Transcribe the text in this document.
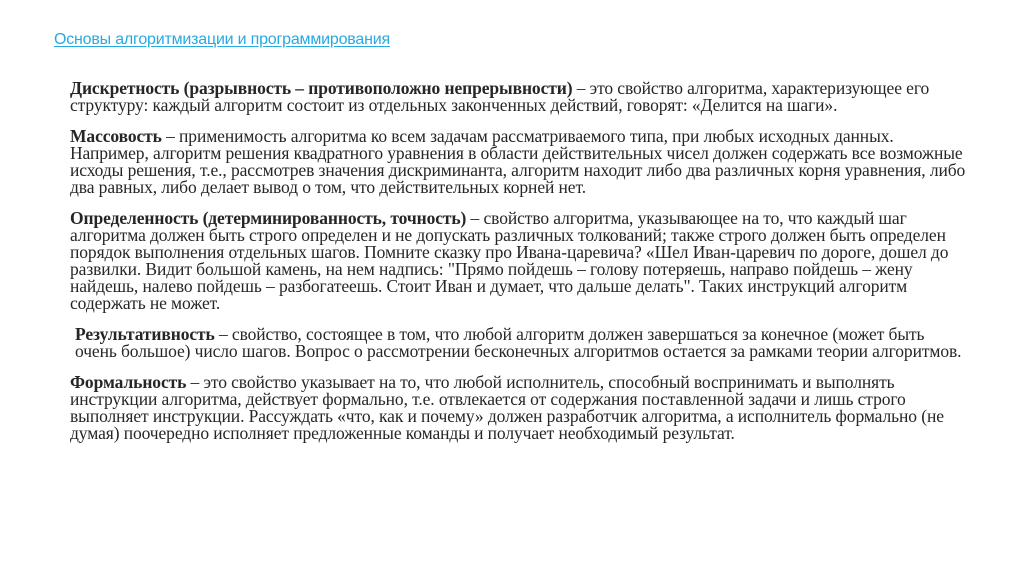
Основы алгоритмизации и программирования

Дискретность (разрывность – противоположно непрерывности) – это свойство алгоритма, характеризующее его структуру: каждый алгоритм состоит из отдельных законченных действий, говорят: «Делится на шаги».

Массовость – применимость алгоритма ко всем задачам рассматриваемого типа, при любых исходных данных. Например, алгоритм решения квадратного уравнения в области действительных чисел должен содержать все возможные исходы решения, т.е., рассмотрев значения дискриминанта, алгоритм находит либо два различных корня уравнения, либо два равных, либо делает вывод о том, что действительных корней нет.

Определенность (детерминированность, точность) – свойство алгоритма, указывающее на то, что каждый шаг алгоритма должен быть строго определен и не допускать различных толкований; также строго должен быть определен порядок выполнения отдельных шагов. Помните сказку про Ивана-царевича? «Шел Иван-царевич по дороге, дошел до развилки. Видит большой камень, на нем надпись: "Прямо пойдешь – голову потеряешь, направо пойдешь – жену найдешь, налево пойдешь – разбогатеешь. Стоит Иван и думает, что дальше делать". Таких инструкций алгоритм содержать не может.

Результативность – свойство, состоящее в том, что любой алгоритм должен завершаться за конечное (может быть очень большое) число шагов. Вопрос о рассмотрении бесконечных алгоритмов остается за рамками теории алгоритмов.

Формальность – это свойство указывает на то, что любой исполнитель, способный воспринимать и выполнять инструкции алгоритма, действует формально, т.е. отвлекается от содержания поставленной задачи и лишь строго выполняет инструкции. Рассуждать «что, как и почему» должен разработчик алгоритма, а исполнитель формально (не думая) поочередно исполняет предложенные команды и получает необходимый результат.
